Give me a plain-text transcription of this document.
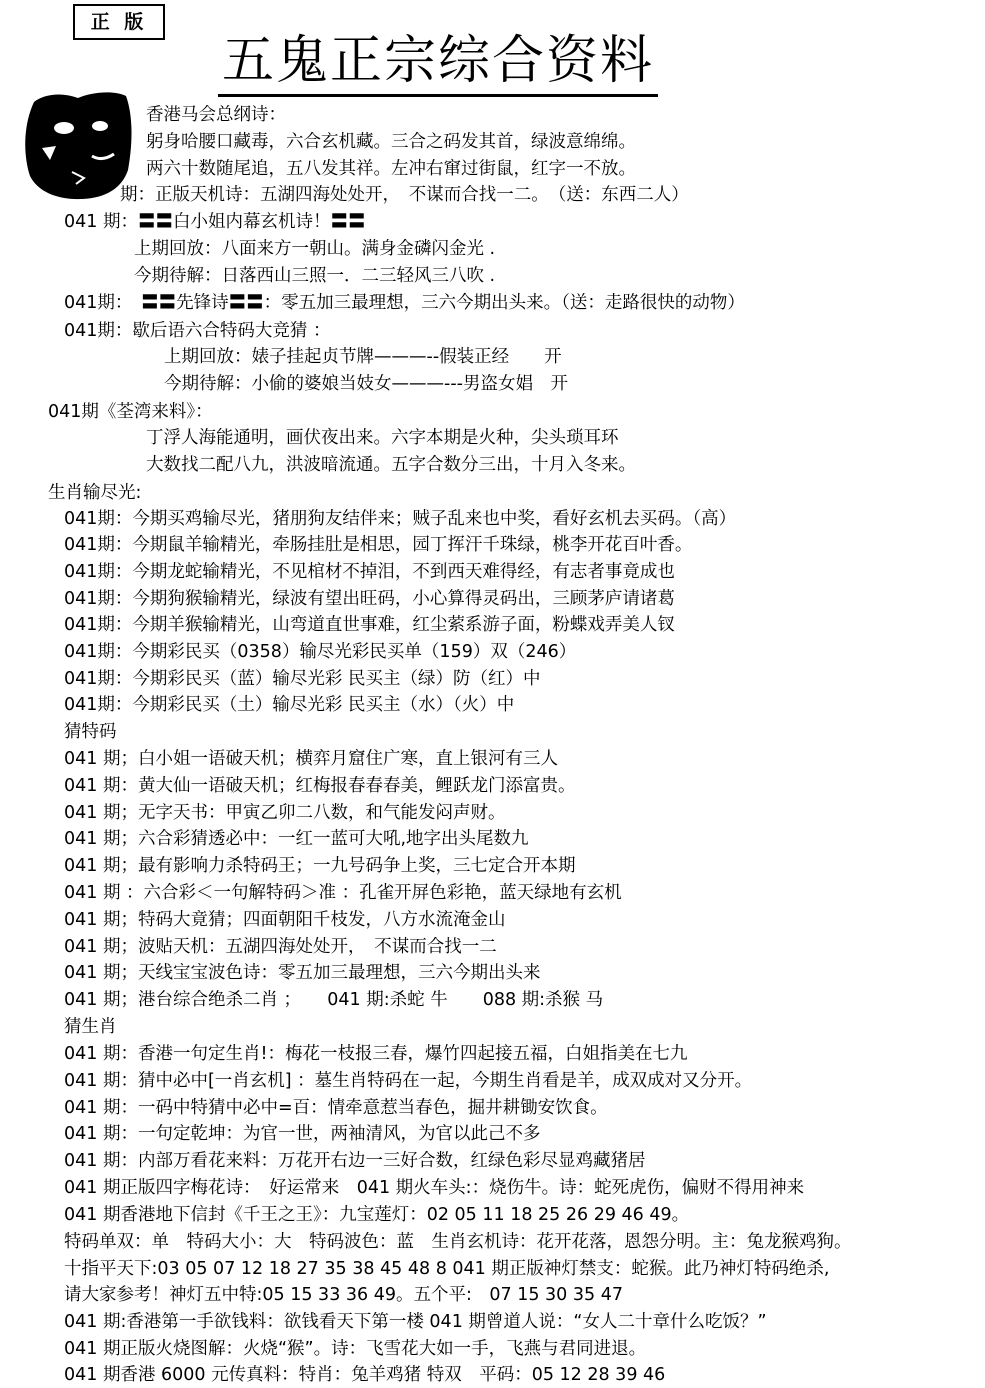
正 版
五鬼正宗综合资料
香港马会总纲诗：
躬身哈腰口藏毒，六合玄机藏。三合之码发其首，绿波意绵绵。
两六十数随尾追，五八发其祥。左冲右窜过街鼠，红字一不放。
期：正版天机诗：五湖四海处处开，　不谋而合找一二。　（送：东西二人）
041 期：〓〓白小姐内幕玄机诗！〓〓
上期回放：八面来方一朝山。满身金磷闪金光 .
今期待解：日落西山三照一．二三轻风三八吹 .
041期：　〓〓先锋诗〓〓：零五加三最理想，三六今期出头来。（送：走路很快的动物）
041期：歇后语六合特码大竞猜 ：
上期回放：婊子挂起贞节牌———--假装正经　　开
今期待解：小偷的婆娘当妓女———---男盗女娼　开
041期《荃湾来料》：
丁浮人海能通明，画伏夜出来。六字本期是火种，尖头琐耳环
大数找二配八九，洪波暗流通。五字合数分三出，十月入冬来。
生肖输尽光:
041期：今期买鸡输尽光，猪朋狗友结伴来；贼子乱来也中奖，看好玄机去买码。（高）
041期：今期鼠羊输精光，牵肠挂肚是相思，园丁挥汗千珠绿，桃李开花百叶香。
041期：今期龙蛇输精光，不见棺材不掉泪，不到西天难得经，有志者事竟成也
041期：今期狗猴输精光，绿波有望出旺码，小心算得灵码出，三顾茅庐请诸葛
041期：今期羊猴输精光，山弯道直世事难，红尘萦系游子面，粉蝶戏弄美人钗
041期：今期彩民买（0358）输尽光彩民买单（159）双（246）
041期：今期彩民买（蓝）输尽光彩 民买主（绿）防（红）中
041期：今期彩民买（土）输尽光彩 民买主（水）（火）中
猜特码
041 期；白小姐一语破天机；横弈月窟住广寒，直上银河有三人
041 期：黄大仙一语破天机；红梅报春春春美，鲤跃龙门添富贵。
041 期；无字天书：甲寅乙卯二八数，和气能发闷声财。
041 期；六合彩猜透必中：一红一蓝可大吼,地字出头尾数九
041 期；最有影响力杀特码王；一九号码争上奖，三七定合开本期
041 期 ：六合彩＜一句解特码＞准 ：孔雀开屏色彩艳，蓝天绿地有玄机
041 期；特码大竟猜；四面朝阳千枝发，八方水流淹金山
041 期；波贴天机：五湖四海处处开，　不谋而合找一二
041 期；天线宝宝波色诗：零五加三最理想，三六今期出头来
041 期；港台综合绝杀二肖 ；　　041 期:杀蛇 牛　　088 期:杀猴 马
猜生肖
041 期：香港一句定生肖!：梅花一枝报三春，爆竹四起接五福，白姐指美在七九
041 期：猜中必中[一肖玄机] ：墓生肖特码在一起，今期生肖看是羊，成双成对又分开。
041 期：一码中特猜中必中=百：情牵意惹当春色，掘井耕锄安饮食。
041 期：一句定乾坤：为官一世，两袖清风，为官以此己不多
041 期：内部万看花来料：万花开右边一三好合数，红绿色彩尽显鸡藏猪居
041 期正版四字梅花诗：　好运常来　041 期火车头:：烧伤牛。诗：蛇死虎伤，偏财不得用神来
041 期香港地下信封《千王之王》：九宝莲灯：02 05 11 18 25 26 29 46 49。
特码单双：单　特码大小：大　特码波色：蓝　生肖玄机诗：花开花落，恩怨分明。主：兔龙猴鸡狗。
十指平天下:03 05 07 12 18 27 35 38 45 48 8 041 期正版神灯禁支：蛇猴。此乃神灯特码绝杀,
请大家参考！神灯五中特:05 15 33 36 49。五个平:　07 15 30 35 47
041 期:香港第一手欲钱料：欲钱看天下第一楼 041 期曾道人说：“女人二十章什么吃饭？”
041 期正版火烧图解：火烧“猴”。诗：飞雪花大如一手，飞燕与君同进退。
041 期香港 6000 元传真料：特肖：兔羊鸡猪 特双　平码：05 12 28 39 46
